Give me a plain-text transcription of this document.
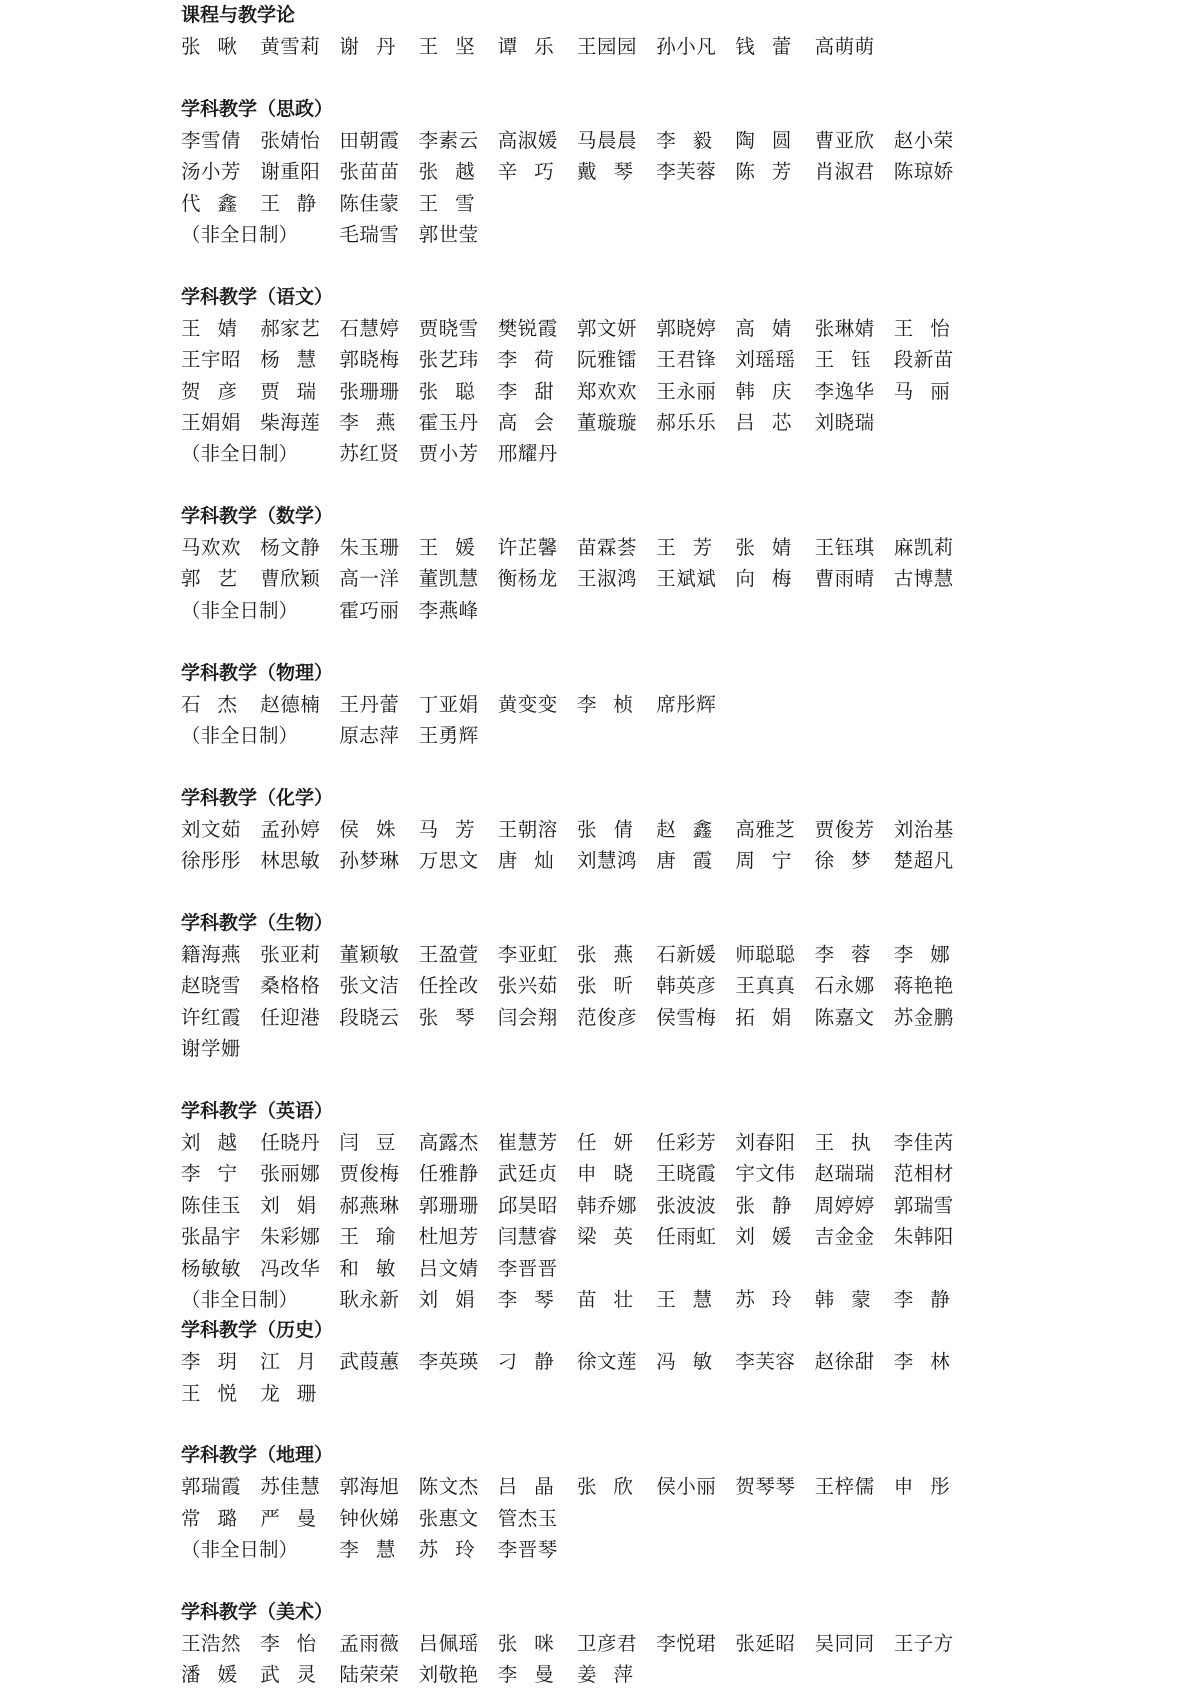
课程与教学论
张 啾 黄雪莉 谢 丹 王 坚 谭 乐 王园园 孙小凡 钱 蕾 高萌萌
学科教学（思政）
李雪倩 张婧怡 田朝霞 李素云 高淑媛 马晨晨 李 毅 陶 圆 曹亚欣 赵小荣
汤小芳 谢重阳 张苗苗 张 越 辛 巧 戴 琴 李芙蓉 陈 芳 肖淑君 陈琼娇
代 鑫 王 静 陈佳蒙 王 雪
（非全日制） 毛瑞雪 郭世莹
学科教学（语文）
王 婧 郝家艺 石慧婷 贾晓雪 樊锐霞 郭文妍 郭晓婷 高 婧 张琳婧 王 怡
王宇昭 杨 慧 郭晓梅 张艺玮 李 荷 阮雅镭 王君锋 刘瑶瑶 王 钰 段新苗
贺 彦 贾 瑞 张珊珊 张 聪 李 甜 郑欢欢 王永丽 韩 庆 李逸华 马 丽
王娟娟 柴海莲 李 燕 霍玉丹 高 会 董璇璇 郝乐乐 吕 芯 刘晓瑞
（非全日制） 苏红贤 贾小芳 邢耀丹
学科教学（数学）
马欢欢 杨文静 朱玉珊 王 媛 许芷馨 苗霖荟 王 芳 张 婧 王钰琪 麻凯莉
郭 艺 曹欣颖 高一洋 董凯慧 衡杨龙 王淑鸿 王斌斌 向 梅 曹雨晴 古博慧
（非全日制） 霍巧丽 李燕峰
学科教学（物理）
石 杰 赵德楠 王丹蕾 丁亚娟 黄变变 李 桢 席彤辉
（非全日制） 原志萍 王勇辉
学科教学（化学）
刘文茹 孟孙婷 侯 姝 马 芳 王朝溶 张 倩 赵 鑫 高雅芝 贾俊芳 刘治基
徐彤彤 林思敏 孙梦琳 万思文 唐 灿 刘慧鸿 唐 霞 周 宁 徐 梦 楚超凡
学科教学（生物）
籍海燕 张亚莉 董颖敏 王盈萱 李亚虹 张 燕 石新媛 师聪聪 李 蓉 李 娜
赵晓雪 桑格格 张文洁 任拴改 张兴茹 张 昕 韩英彦 王真真 石永娜 蒋艳艳
许红霞 任迎港 段晓云 张 琴 闫会翔 范俊彦 侯雪梅 拓 娟 陈嘉文 苏金鹏
谢学姗
学科教学（英语）
刘 越 任晓丹 闫 豆 高露杰 崔慧芳 任 妍 任彩芳 刘春阳 王 执 李佳芮
李 宁 张丽娜 贾俊梅 任雅静 武廷贞 申 晓 王晓霞 宇文伟 赵瑞瑞 范相材
陈佳玉 刘 娟 郝燕琳 郭珊珊 邱昊昭 韩乔娜 张波波 张 静 周婷婷 郭瑞雪
张晶宇 朱彩娜 王 瑜 杜旭芳 闫慧睿 梁 英 任雨虹 刘 媛 吉金金 朱韩阳
杨敏敏 冯改华 和 敏 吕文婧 李晋晋
（非全日制） 耿永新 刘 娟 李 琴 苗 壮 王 慧 苏 玲 韩 蒙 李 静
学科教学（历史）
李 玥 江 月 武葭蕙 李英瑛 刁 静 徐文莲 冯 敏 李芙容 赵徐甜 李 林
王 悦 龙 珊
学科教学（地理）
郭瑞霞 苏佳慧 郭海旭 陈文杰 吕 晶 张 欣 侯小丽 贺琴琴 王梓儒 申 彤
常 璐 严 曼 钟伙娣 张惠文 管杰玉
（非全日制） 李 慧 苏 玲 李晋琴
学科教学（美术）
王浩然 李 怡 孟雨薇 吕佩瑶 张 咪 卫彦君 李悦珺 张延昭 吴同同 王子方
潘 媛 武 灵 陆荣荣 刘敬艳 李 曼 姜 萍
